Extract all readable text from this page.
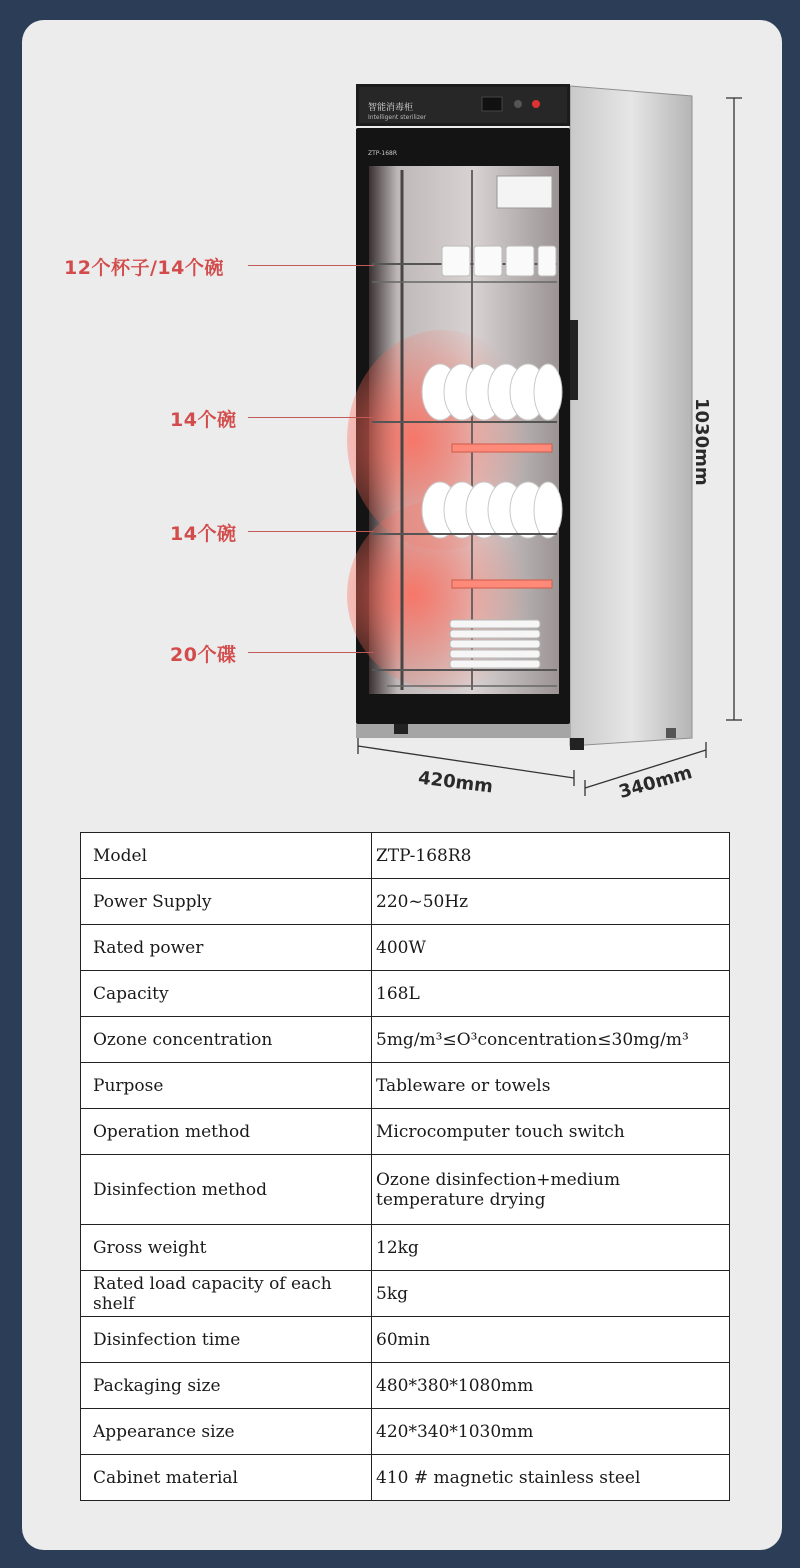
智能消毒柜
Intelligent sterilizer
ZTP-168R
12个杯子/14个碗
14个碗
14个碗
20个碟
1030mm
420mm	340mm
Model	ZTP-168R8
Power Supply	220~50Hz
Rated power	400W
Capacity	168L
Ozone concentration	5mg/m³≤O³concentration≤30mg/m³
Purpose	Tableware or towels
Operation method	Microcomputer touch switch
Disinfection method	Ozone disinfection+medium temperature drying
Gross weight	12kg
Rated load capacity of each shelf	5kg
Disinfection time	60min
Packaging size	480*380*1080mm
Appearance size	420*340*1030mm
Cabinet material	410 # magnetic stainless steel
